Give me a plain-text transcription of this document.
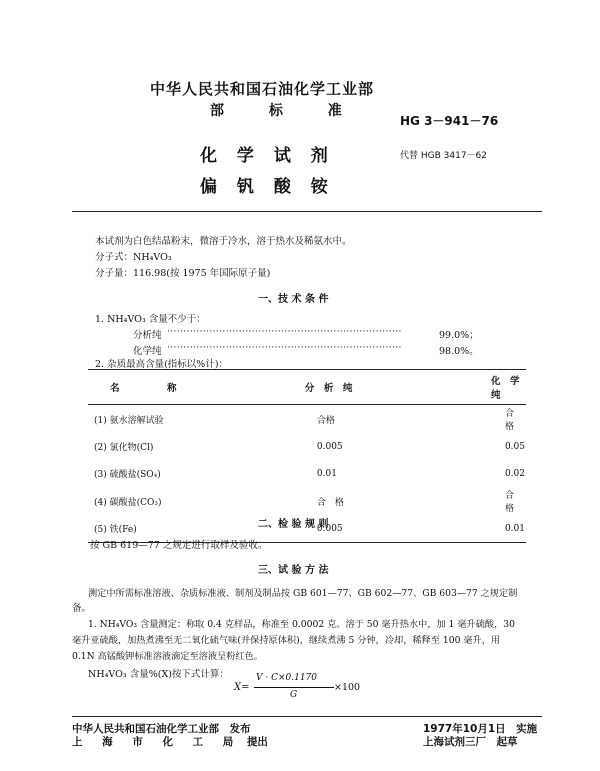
中华人民共和国石油化学工业部
部	标	准
HG 3－941－76
代替 HGB 3417－62
化 学 试 剂
偏 钒 酸 铵
本试剂为白色结晶粉末，微溶于冷水，溶于热水及稀氨水中。
分子式：NH₄VO₃
分子量：116.98(按 1975 年国际原子量)
一、技 术 条 件
1. NH₄VO₃ 含量不少于：
分析纯 ········································································	99.0%；
化学纯 ········································································	98.0%。
2. 杂质最高含量(指标以%计)：
名　　　　　称	分　析　纯	化　学　纯
(1) 氨水溶解试验	合格	合　格
(2) 氯化物(Cl)	0.005	0.05
(3) 硫酸盐(SO₄)	0.01	0.02
(4) 碳酸盐(CO₃)	合　格	合　格
(5) 铁(Fe)	0.005	0.01
二、检 验 规 则
按 GB 619—77 之规定进行取样及验收。
三、试 验 方 法
测定中所需标准溶液、杂质标准液、制剂及制品按 GB 601—77、GB 602—77、GB 603—77 之规定制
备。
1. NH₄VO₃ 含量测定：称取 0.4 克样品，称准至 0.0002 克。溶于 50 毫升热水中，加 1 毫升硫酸，30
毫升亚硫酸，加热煮沸至无二氧化硫气味(并保持原体积)，继续煮沸 5 分钟，冷却，稀释至 100 毫升，用
0.1N 高锰酸钾标准溶液滴定至溶液呈粉红色。
NH₄VO₃ 含量%(X)按下式计算：
X=
V · C×0.1170
G
×100
中华人民共和国石油化学工业部　发布
上 海 市 化 工 局 提出
1977年10月1日　实施
上海试剂三厂　起草
